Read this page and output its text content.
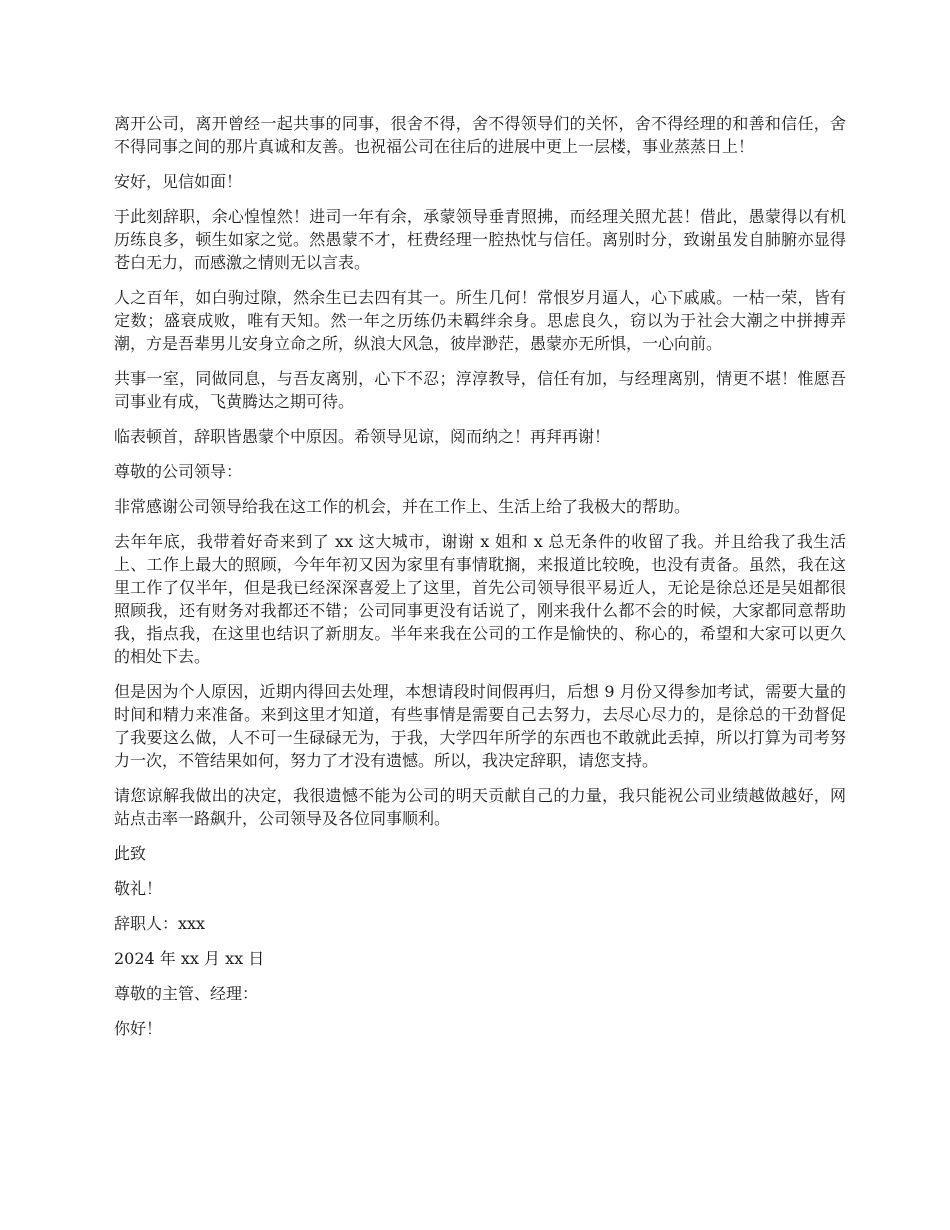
离开公司，离开曾经一起共事的同事，很舍不得，舍不得领导们的关怀，舍不得经理的和善和信任，舍不得同事之间的那片真诚和友善。也祝福公司在往后的进展中更上一层楼，事业蒸蒸日上！

安好，见信如面！

于此刻辞职，余心惶惶然！进司一年有余，承蒙领导垂青照拂，而经理关照尤甚！借此，愚蒙得以有机历练良多，顿生如家之觉。然愚蒙不才，枉费经理一腔热忱与信任。离别时分，致谢虽发自肺腑亦显得苍白无力，而感激之情则无以言表。

人之百年，如白驹过隙，然余生已去四有其一。所生几何！常恨岁月逼人，心下戚戚。一枯一荣，皆有定数；盛衰成败，唯有天知。然一年之历练仍未羁绊余身。思虑良久，窃以为于社会大潮之中拼搏弄潮，方是吾辈男儿安身立命之所，纵浪大风急，彼岸渺茫，愚蒙亦无所惧，一心向前。

共事一室，同做同息，与吾友离别，心下不忍；淳淳教导，信任有加，与经理离别，情更不堪！惟愿吾司事业有成，飞黄腾达之期可待。

临表顿首，辞职皆愚蒙个中原因。希领导见谅，阅而纳之！再拜再谢！

尊敬的公司领导：

非常感谢公司领导给我在这工作的机会，并在工作上、生活上给了我极大的帮助。

去年年底，我带着好奇来到了 xx 这大城市，谢谢 x 姐和 x 总无条件的收留了我。并且给我了我生活上、工作上最大的照顾，今年年初又因为家里有事情耽搁，来报道比较晚，也没有责备。虽然，我在这里工作了仅半年，但是我已经深深喜爱上了这里，首先公司领导很平易近人，无论是徐总还是吴姐都很照顾我，还有财务对我都还不错；公司同事更没有话说了，刚来我什么都不会的时候，大家都同意帮助我，指点我，在这里也结识了新朋友。半年来我在公司的工作是愉快的、称心的，希望和大家可以更久的相处下去。

但是因为个人原因，近期内得回去处理，本想请段时间假再归，后想 9 月份又得参加考试，需要大量的时间和精力来准备。来到这里才知道，有些事情是需要自己去努力，去尽心尽力的，是徐总的干劲督促了我要这么做，人不可一生碌碌无为，于我，大学四年所学的东西也不敢就此丢掉，所以打算为司考努力一次，不管结果如何，努力了才没有遗憾。所以，我决定辞职，请您支持。

请您谅解我做出的决定，我很遗憾不能为公司的明天贡献自己的力量，我只能祝公司业绩越做越好，网站点击率一路飙升，公司领导及各位同事顺利。

此致

敬礼！

辞职人：xxx

2024 年 xx 月 xx 日

尊敬的主管、经理：

你好！
